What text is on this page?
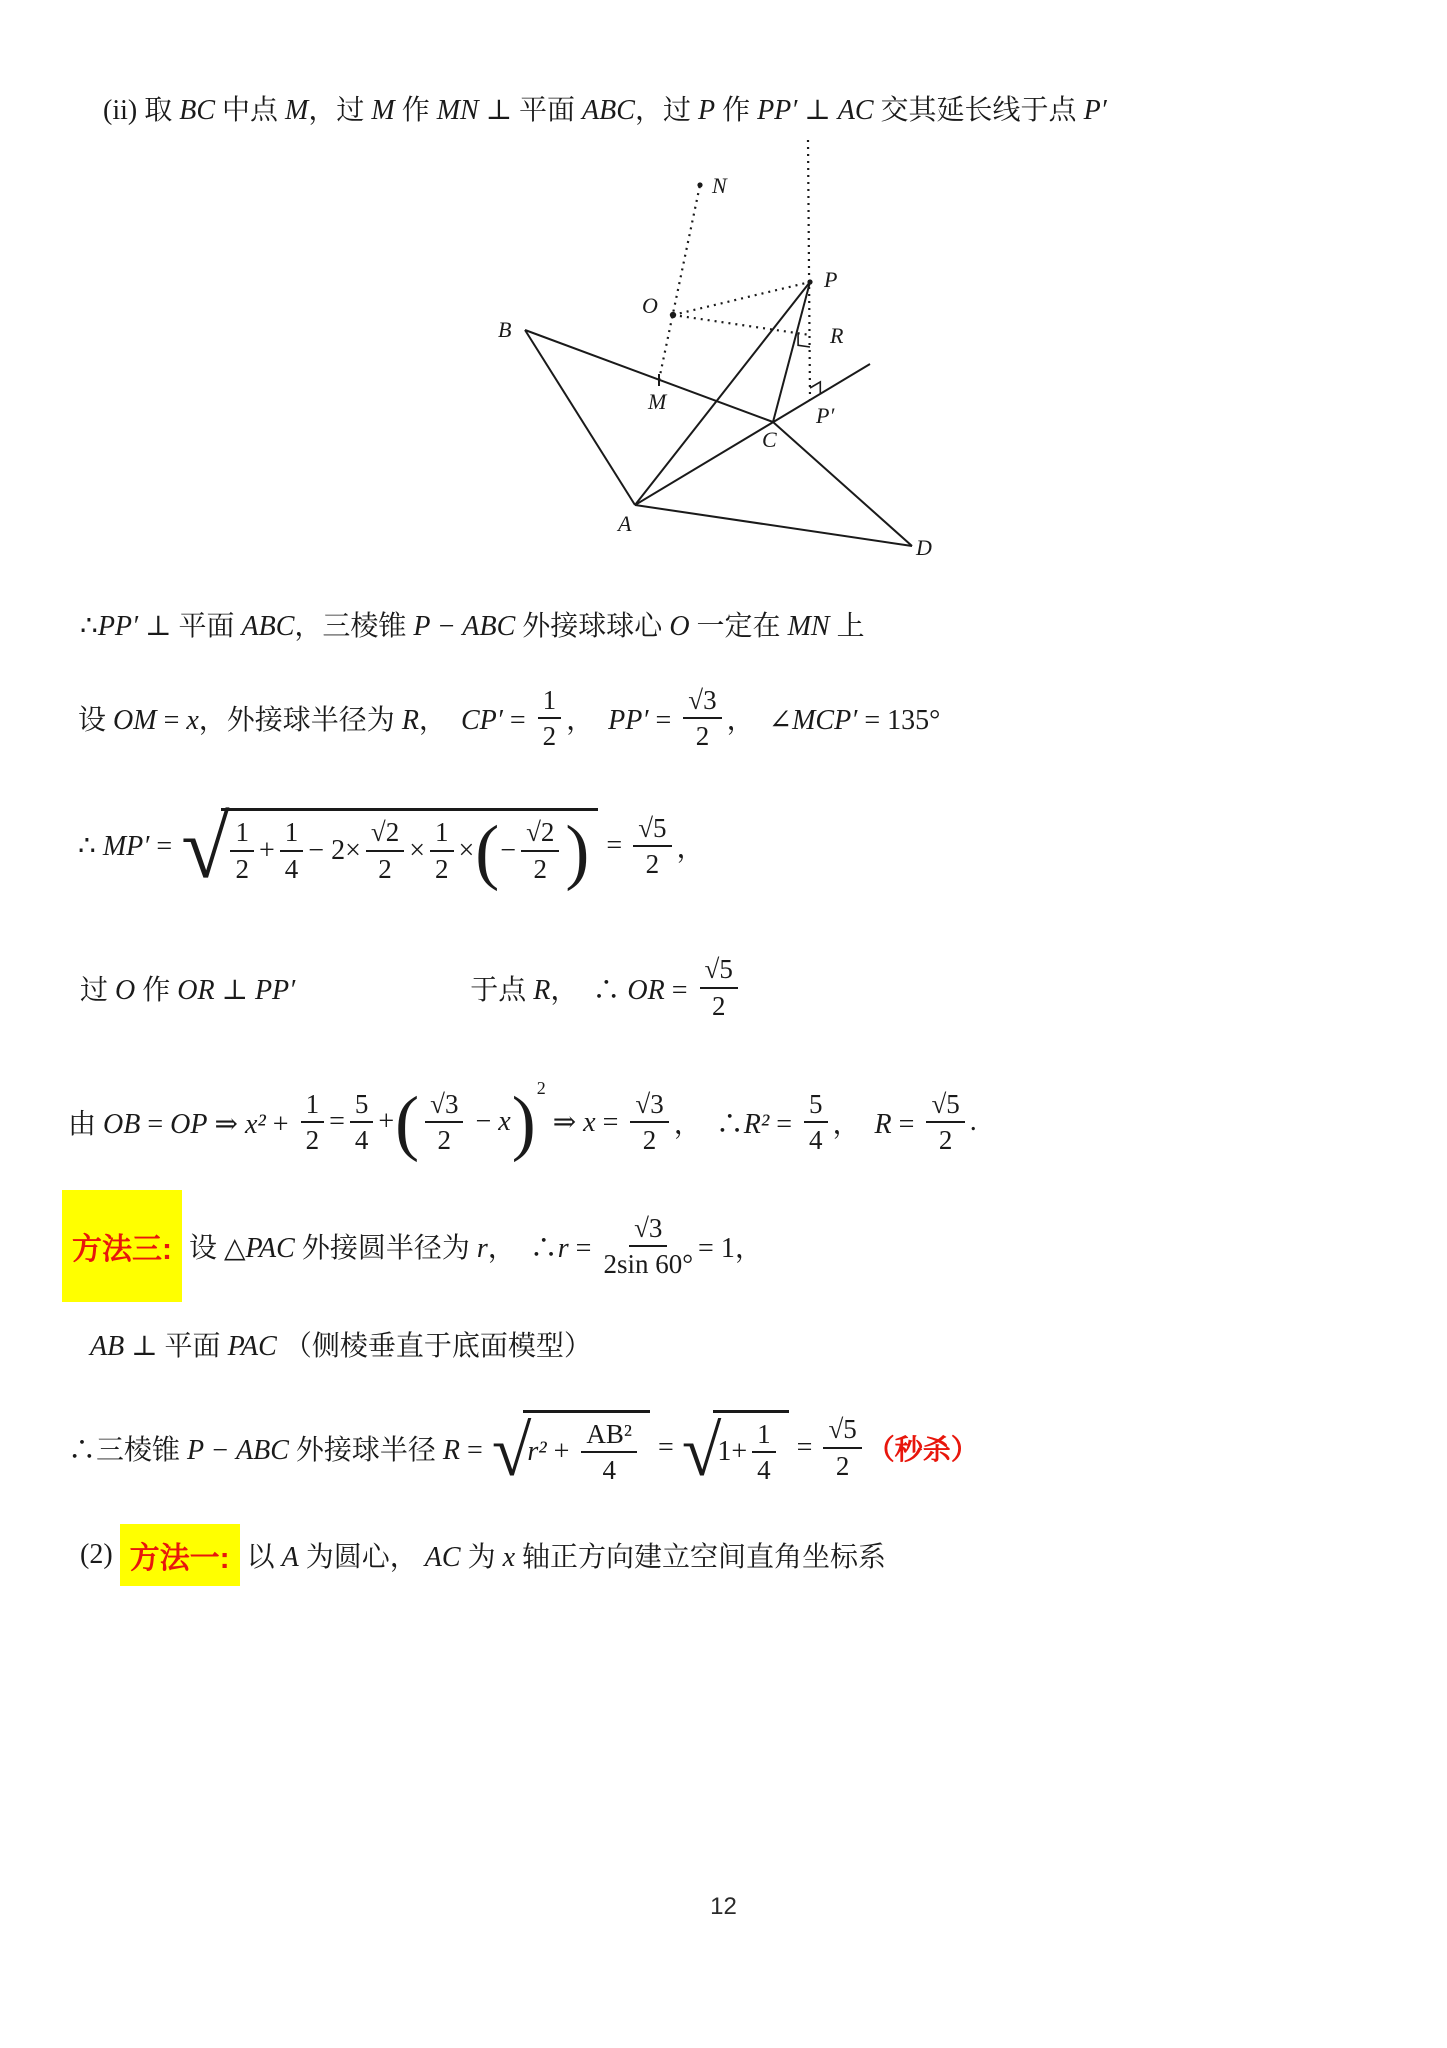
(ii) 取 BC 中点 M，过 M 作 MN ⊥ 平面 ABC，过 P 作 PP′ ⊥ AC 交其延长线于点 P′
B
N
O
M
P
R
P′
C
A
D
∴PP′ ⊥ 平面 ABC，三棱锥 P − ABC 外接球球心 O 一定在 MN 上
设 OM = x，外接球半径为 R，  $CP' = \frac{1}{2}$ ，  $PP' = \frac{√3}{2}$ ，  ∠MCP′ = 135°
∴ MP′ = √ $\frac{1}{2} + \frac{1}{4} - 2\times \frac{√2}{2} \times \frac{1}{2}$ × ( − $\frac{√2}{2}$ ) = $\frac{√5}{2}$ ，
过 O 作 OR ⊥ PP′	于点 R，  ∴ OR = $\frac{√5}{2}$
由 OB = OP ⇒ $x^2 + \frac{1}{2} = \frac{5}{4}$ + ( $\frac{√3}{2} - x$ ) 2
⇒ $x = \frac{√3}{2}$ ，  ∴R² = $\frac{5}{4}$ ，  $R = \frac{√5}{2}$ .
方法三: 设 △PAC 外接圆半径为 r，  ∴r = $\frac{√3}{2\sin 60^\circ} = 1$，
AB ⊥ 平面 PAC （侧棱垂直于底面模型）
∴三棱锥 P − ABC 外接球半径 R = √
$r^2 + \frac{\text{AB²}}{4}$ = √
$1+ \frac{1}{4} = \frac{√5}{2}$ （秒杀）
(2) 方法一: 以 A 为圆心， AC 为 x 轴正方向建立空间直角坐标系
12
